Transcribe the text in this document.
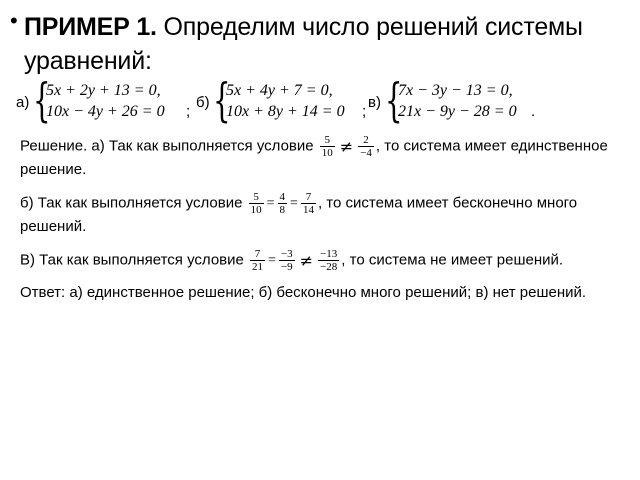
• ПРИМЕР 1. Определим число решений системы
уравнений:
а) {
5x + 2y + 13 = 0,
10x − 4y + 26 = 0 ;
б) {
5x + 4y + 7 = 0,
10x + 8y + 14 = 0 ;
в) {
7x − 3y − 13 = 0,
21x − 9y − 28 = 0 .
Решение. а) Так как выполняется условие $\frac{5}{10} \ne \frac{2}{-4}$ , то система имеет единственное
решение.
б) Так как выполняется условие $\frac{5}{10} = \frac{4}{8} = \frac{7}{14}$ , то система имеет бесконечно много
решений.
В) Так как выполняется условие $\frac{7}{21} = \frac{-3}{-9} \ne \frac{-13}{-28}$ , то система не имеет решений.
Ответ: а) единственное решение; б) бесконечно много решений; в) нет решений.
